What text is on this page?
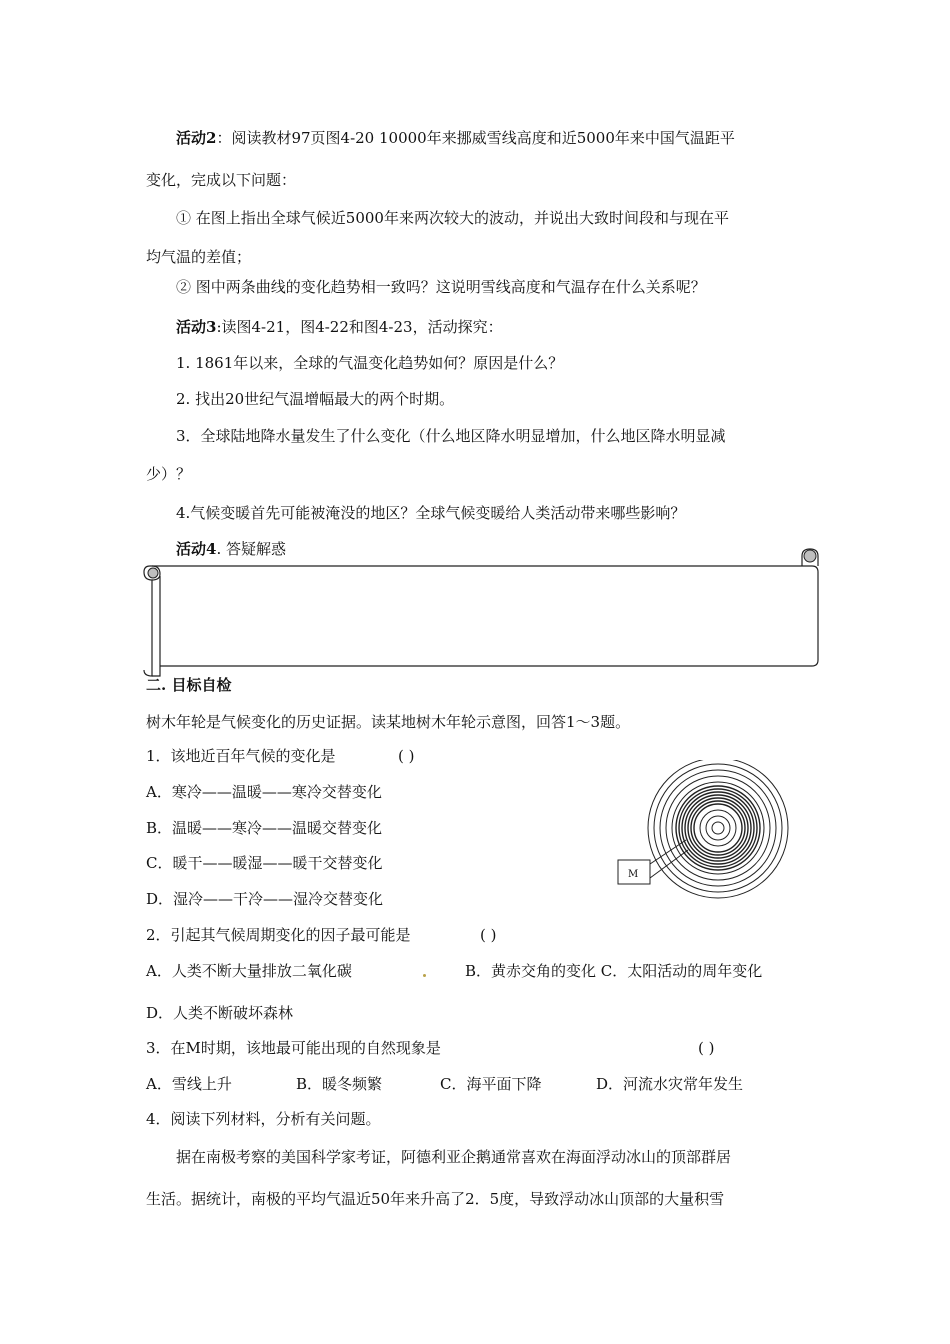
活动2：阅读教材97页图4-20 10000年来挪威雪线高度和近5000年来中国气温距平
变化，完成以下问题：
① 在图上指出全球气候近5000年来两次较大的波动，并说出大致时间段和与现在平
均气温的差值；
② 图中两条曲线的变化趋势相一致吗？这说明雪线高度和气温存在什么关系呢？
活动3:读图4-21，图4-22和图4-23，活动探究：
1. 1861年以来，全球的气温变化趋势如何？原因是什么？
2. 找出20世纪气温增幅最大的两个时期。
3．全球陆地降水量发生了什么变化（什么地区降水明显增加，什么地区降水明显减
少）？
4.气候变暖首先可能被淹没的地区？全球气候变暖给人类活动带来哪些影响？
活动4. 答疑解惑
二. 目标自检
树木年轮是气候变化的历史证据。读某地树木年轮示意图，回答1～3题。
1．该地近百年气候的变化是	( )
A．寒冷——温暖——寒冷交替变化
B．温暖——寒冷——温暖交替变化
C．暖干——暖湿——暖干交替变化
D．湿冷——干冷——湿冷交替变化
M
2．引起其气候周期变化的因子最可能是	( )
A．人类不断大量排放二氧化碳	B．黄赤交角的变化 C．太阳活动的周年变化
D．人类不断破坏森林
3．在M时期，该地最可能出现的自然现象是	( )
A．雪线上升	B．暖冬频繁	C．海平面下降	D．河流水灾常年发生
4．阅读下列材料，分析有关问题。
据在南极考察的美国科学家考证，阿德利亚企鹅通常喜欢在海面浮动冰山的顶部群居
生活。据统计，南极的平均气温近50年来升高了2．5度，导致浮动冰山顶部的大量积雪
